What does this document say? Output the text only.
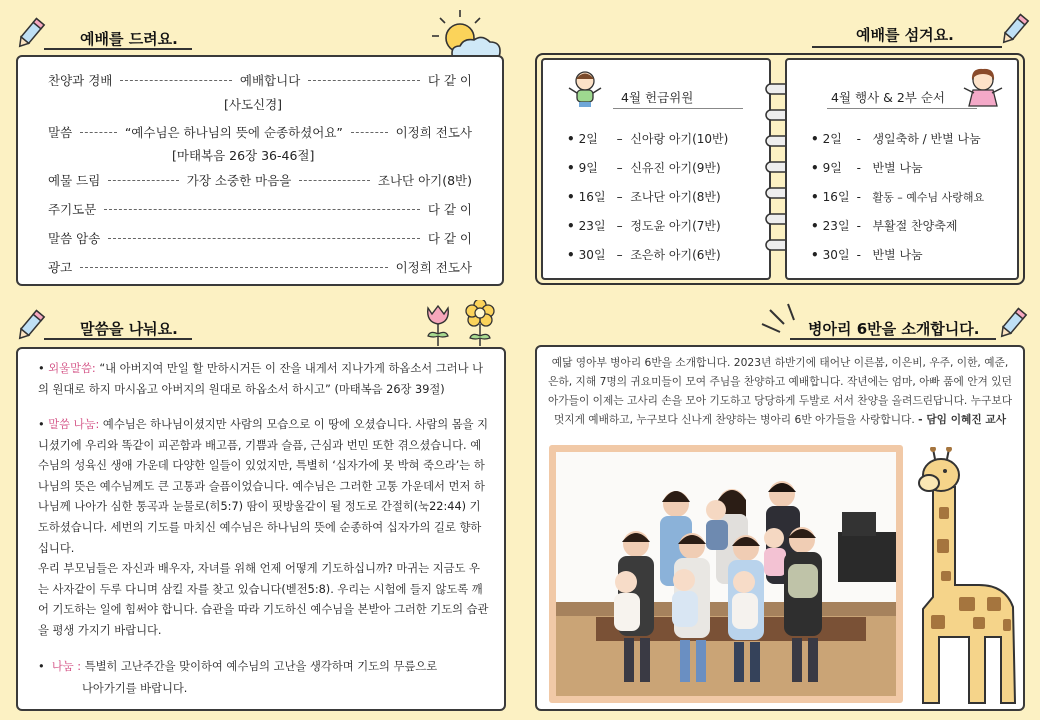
예배를 드려요.
찬양과 경배	예배합니다	다 같 이
[사도신경]
말씀	“예수님은 하나님의 뜻에 순종하셨어요”	이정희 전도사
[마태복음 26장 36-46절]
예물 드림	가장 소중한 마음을	조나단 아기(8반)
주기도문	다 같 이
말씀 암송	다 같 이
광고	이정희 전도사
예배를 섬겨요.
4월 헌금위원
• 2일 –  신아랑 아기(10반)
• 9일 –  신유진 아기(9반)
• 16일 –  조나단 아기(8반)
• 23일 –  정도윤 아기(7반)
• 30일 –  조은하 아기(6반)
4월 행사 & 2부 순서
• 2일 -   생일축하 / 반별 나눔
• 9일 -   반별 나눔
• 16일 -   활동 – 예수님 사랑해요
• 23일 -   부활절 찬양축제
• 30일 -   반별 나눔
말씀을 나눠요.
• 외울말씀: “내 아버지여 만일 할 만하시거든 이 잔을 내게서 지나가게 하옵소서 그러나 나의 원대로 하지 마시옵고 아버지의 원대로 하옵소서 하시고” (마태복음 26장 39절)
• 말씀 나눔: 예수님은 하나님이셨지만 사람의 모습으로 이 땅에 오셨습니다. 사람의 몸을 지니셨기에 우리와 똑같이 피곤함과 배고픔, 기쁨과 슬픔, 근심과 번민 또한 겪으셨습니다. 예수님의 성육신 생애 가운데 다양한 일들이 있었지만, 특별히 ‘십자가에 못 박혀 죽으라’는 하나님의 뜻은 예수님께도 큰 고통과 슬픔이었습니다. 예수님은 그러한 고통 가운데서 먼저 하나님께 나아가 심한 통곡과 눈물로(히5:7) 땀이 핏방울같이 될 정도로 간절히(눅22:44) 기도하셨습니다. 세번의 기도를 마치신 예수님은 하나님의 뜻에 순종하여 십자가의 길로 향하십니다.
우리 부모님들은 자신과 배우자, 자녀를 위해 언제 어떻게 기도하십니까? 마귀는 지금도 우는 사자같이 두루 다니며 삼킬 자를 찾고 있습니다(벧전5:8). 우리는 시험에 들지 않도록 깨어 기도하는 일에 힘써야 합니다. 습관을 따라 기도하신 예수님을 본받아 그러한 기도의 습관을 평생 가지기 바랍니다.
•  나눔 : 특별히 고난주간을 맞이하여 예수님의 고난을 생각하며 기도의 무릎으로
나아가기를 바랍니다.
병아리 6반을 소개합니다.
예닮 영아부 병아리 6반을 소개합니다. 2023년 하반기에 태어난 이른봄, 이은비, 우주, 이한, 예준, 은하, 지해 7명의 귀요미들이 모여 주님을 찬양하고 예배합니다. 작년에는 엄마, 아빠 품에 안겨 있던 아가들이 이제는 고사리 손을 모아 기도하고 당당하게 두발로 서서 찬양을 올려드린답니다. 누구보다 멋지게 예배하고, 누구보다 신나게 찬양하는 병아리 6반 아가들을 사랑합니다. - 담임 이혜진 교사
